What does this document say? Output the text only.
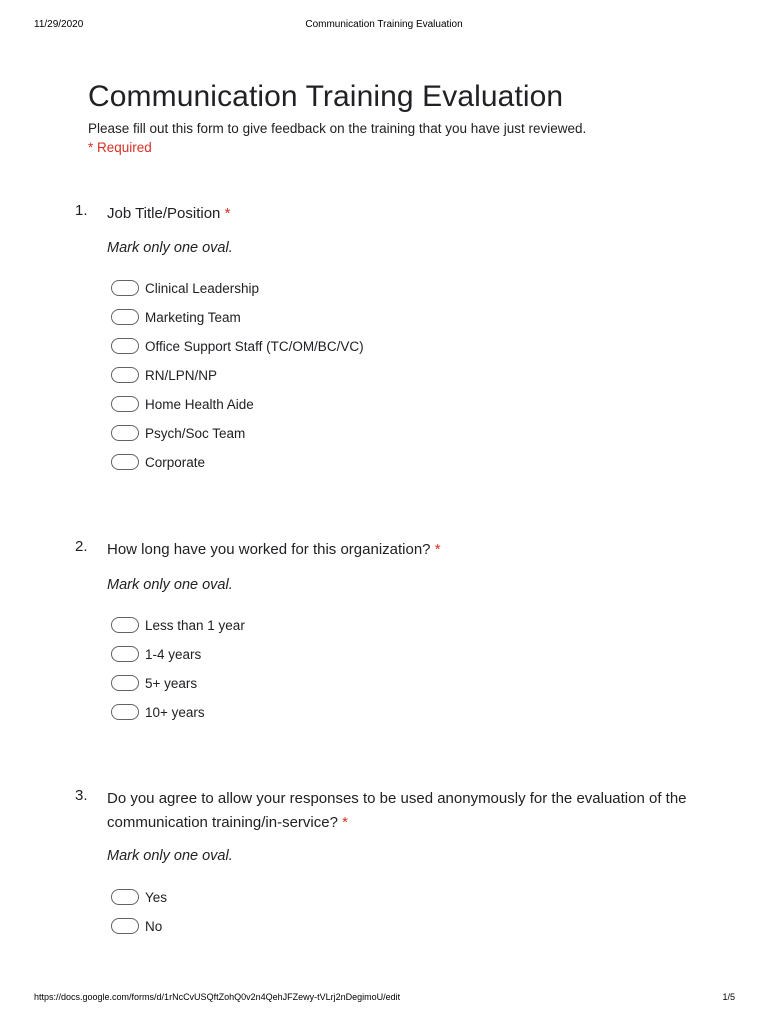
11/29/2020	Communication Training Evaluation
Communication Training Evaluation
Please fill out this form to give feedback on the training that you have just reviewed.
* Required
1. Job Title/Position *
Mark only one oval.
Clinical Leadership
Marketing Team
Office Support Staff (TC/OM/BC/VC)
RN/LPN/NP
Home Health Aide
Psych/Soc Team
Corporate
2. How long have you worked for this organization? *
Mark only one oval.
Less than 1 year
1-4 years
5+ years
10+ years
3. Do you agree to allow your responses to be used anonymously for the evaluation of the communication training/in-service? *
Mark only one oval.
Yes
No
https://docs.google.com/forms/d/1rNcCvUSQftZohQ0v2n4QehJFZewy-tVLrj2nDegimoU/edit	1/5
